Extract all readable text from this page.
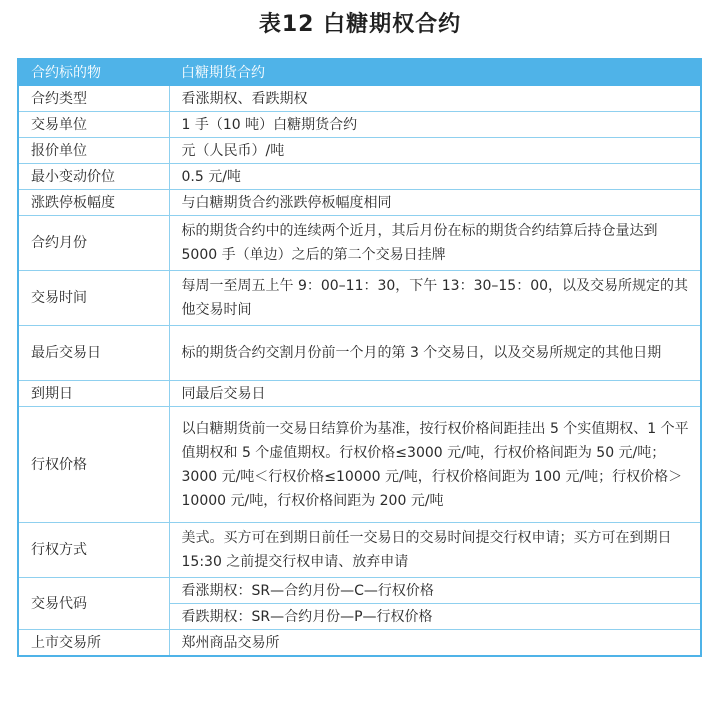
表12 白糖期权合约
合约标的物	白糖期货合约
合约类型	看涨期权、看跌期权
交易单位	1 手（10 吨）白糖期货合约
报价单位	元（人民币）/吨
最小变动价位	0.5 元/吨
涨跌停板幅度	与白糖期货合约涨跌停板幅度相同
合约月份	标的期货合约中的连续两个近月，其后月份在标的期货合约结算后持仓量达到 5000 手（单边）之后的第二个交易日挂牌
交易时间	每周一至周五上午 9：00–11：30，下午 13：30–15：00，以及交易所规定的其他交易时间
最后交易日	标的期货合约交割月份前一个月的第 3 个交易日，以及交易所规定的其他日期
到期日	同最后交易日
行权价格	以白糖期货前一交易日结算价为基准，按行权价格间距挂出 5 个实值期权、1 个平值期权和 5 个虚值期权。行权价格≤3000 元/吨，行权价格间距为 50 元/吨；3000 元/吨＜行权价格≤10000 元/吨，行权价格间距为 100 元/吨；行权价格＞10000 元/吨，行权价格间距为 200 元/吨
行权方式	美式。买方可在到期日前任一交易日的交易时间提交行权申请；买方可在到期日 15:30 之前提交行权申请、放弃申请
交易代码	看涨期权：SR—合约月份—C—行权价格
	看跌期权：SR—合约月份—P—行权价格
上市交易所	郑州商品交易所
